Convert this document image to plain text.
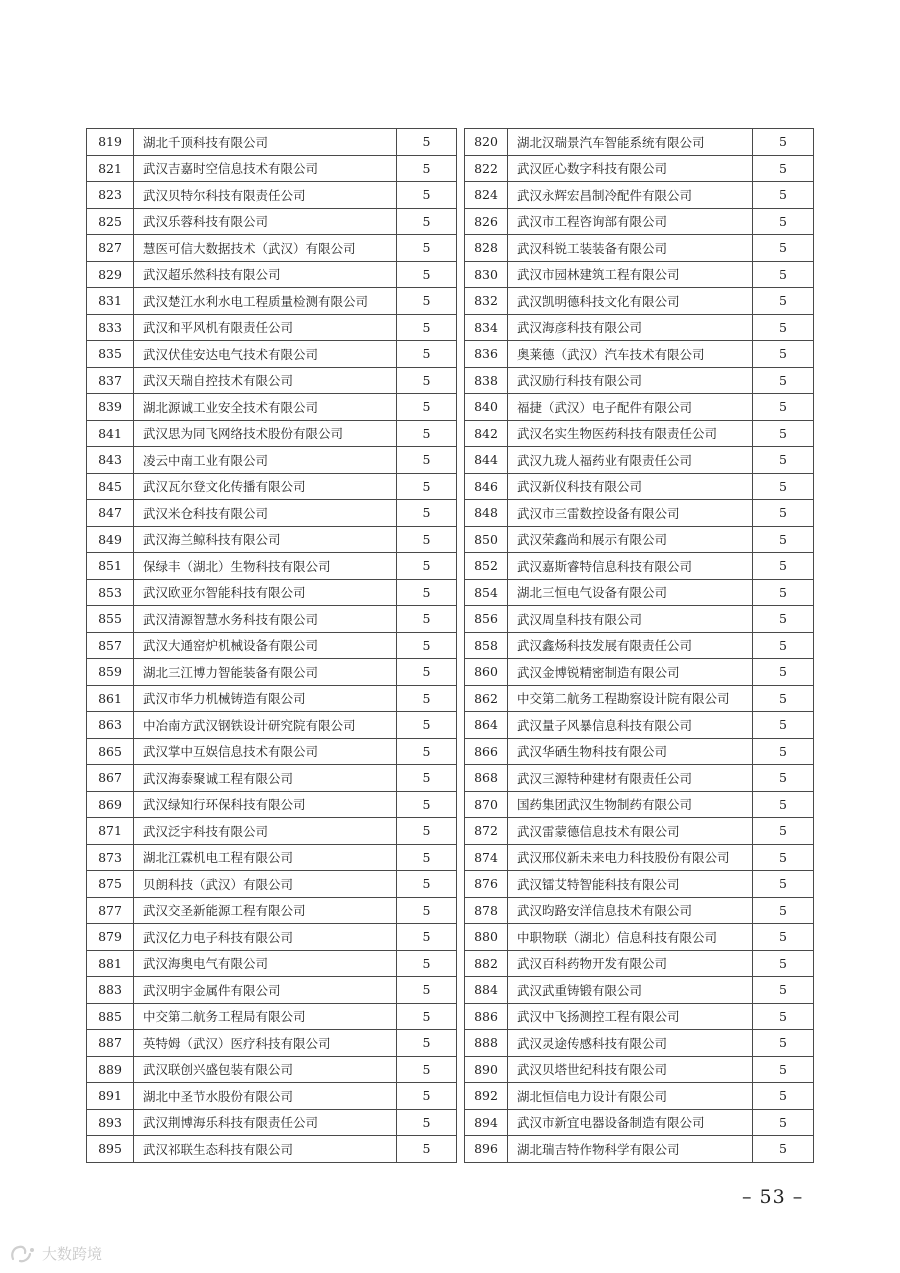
819	湖北千顶科技有限公司	5		820	湖北汉瑞景汽车智能系统有限公司	5
821	武汉吉嘉时空信息技术有限公司	5		822	武汉匠心数字科技有限公司	5
823	武汉贝特尔科技有限责任公司	5		824	武汉永辉宏昌制冷配件有限公司	5
825	武汉乐蓉科技有限公司	5		826	武汉市工程咨询部有限公司	5
827	慧医可信大数据技术（武汉）有限公司	5		828	武汉科锐工装装备有限公司	5
829	武汉超乐然科技有限公司	5		830	武汉市园林建筑工程有限公司	5
831	武汉楚江水利水电工程质量检测有限公司	5		832	武汉凯明德科技文化有限公司	5
833	武汉和平风机有限责任公司	5		834	武汉海彦科技有限公司	5
835	武汉伏佳安达电气技术有限公司	5		836	奥莱德（武汉）汽车技术有限公司	5
837	武汉天瑞自控技术有限公司	5		838	武汉励行科技有限公司	5
839	湖北源诚工业安全技术有限公司	5		840	福捷（武汉）电子配件有限公司	5
841	武汉思为同飞网络技术股份有限公司	5		842	武汉名实生物医药科技有限责任公司	5
843	凌云中南工业有限公司	5		844	武汉九珑人福药业有限责任公司	5
845	武汉瓦尔登文化传播有限公司	5		846	武汉新仪科技有限公司	5
847	武汉米仓科技有限公司	5		848	武汉市三雷数控设备有限公司	5
849	武汉海兰鲸科技有限公司	5		850	武汉荣鑫尚和展示有限公司	5
851	保绿丰（湖北）生物科技有限公司	5		852	武汉嘉斯睿特信息科技有限公司	5
853	武汉欧亚尔智能科技有限公司	5		854	湖北三恒电气设备有限公司	5
855	武汉清源智慧水务科技有限公司	5		856	武汉周皇科技有限公司	5
857	武汉大通窑炉机械设备有限公司	5		858	武汉鑫炀科技发展有限责任公司	5
859	湖北三江博力智能装备有限公司	5		860	武汉金博锐精密制造有限公司	5
861	武汉市华力机械铸造有限公司	5		862	中交第二航务工程勘察设计院有限公司	5
863	中冶南方武汉钢铁设计研究院有限公司	5		864	武汉量子风暴信息科技有限公司	5
865	武汉掌中互娱信息技术有限公司	5		866	武汉华硒生物科技有限公司	5
867	武汉海泰聚诚工程有限公司	5		868	武汉三源特种建材有限责任公司	5
869	武汉绿知行环保科技有限公司	5		870	国药集团武汉生物制药有限公司	5
871	武汉泛宇科技有限公司	5		872	武汉雷蒙德信息技术有限公司	5
873	湖北江霖机电工程有限公司	5		874	武汉邢仪新未来电力科技股份有限公司	5
875	贝朗科技（武汉）有限公司	5		876	武汉镭艾特智能科技有限公司	5
877	武汉交圣新能源工程有限公司	5		878	武汉昀路安洋信息技术有限公司	5
879	武汉亿力电子科技有限公司	5		880	中职物联（湖北）信息科技有限公司	5
881	武汉海奥电气有限公司	5		882	武汉百科药物开发有限公司	5
883	武汉明宇金属件有限公司	5		884	武汉武重铸锻有限公司	5
885	中交第二航务工程局有限公司	5		886	武汉中飞扬测控工程有限公司	5
887	英特姆（武汉）医疗科技有限公司	5		888	武汉灵途传感科技有限公司	5
889	武汉联创兴盛包装有限公司	5		890	武汉贝塔世纪科技有限公司	5
891	湖北中圣节水股份有限公司	5		892	湖北恒信电力设计有限公司	5
893	武汉荆博海乐科技有限责任公司	5		894	武汉市新宜电器设备制造有限公司	5
895	武汉祁联生态科技有限公司	5		896	湖北瑞吉特作物科学有限公司	5
– 53 –
大数跨境
